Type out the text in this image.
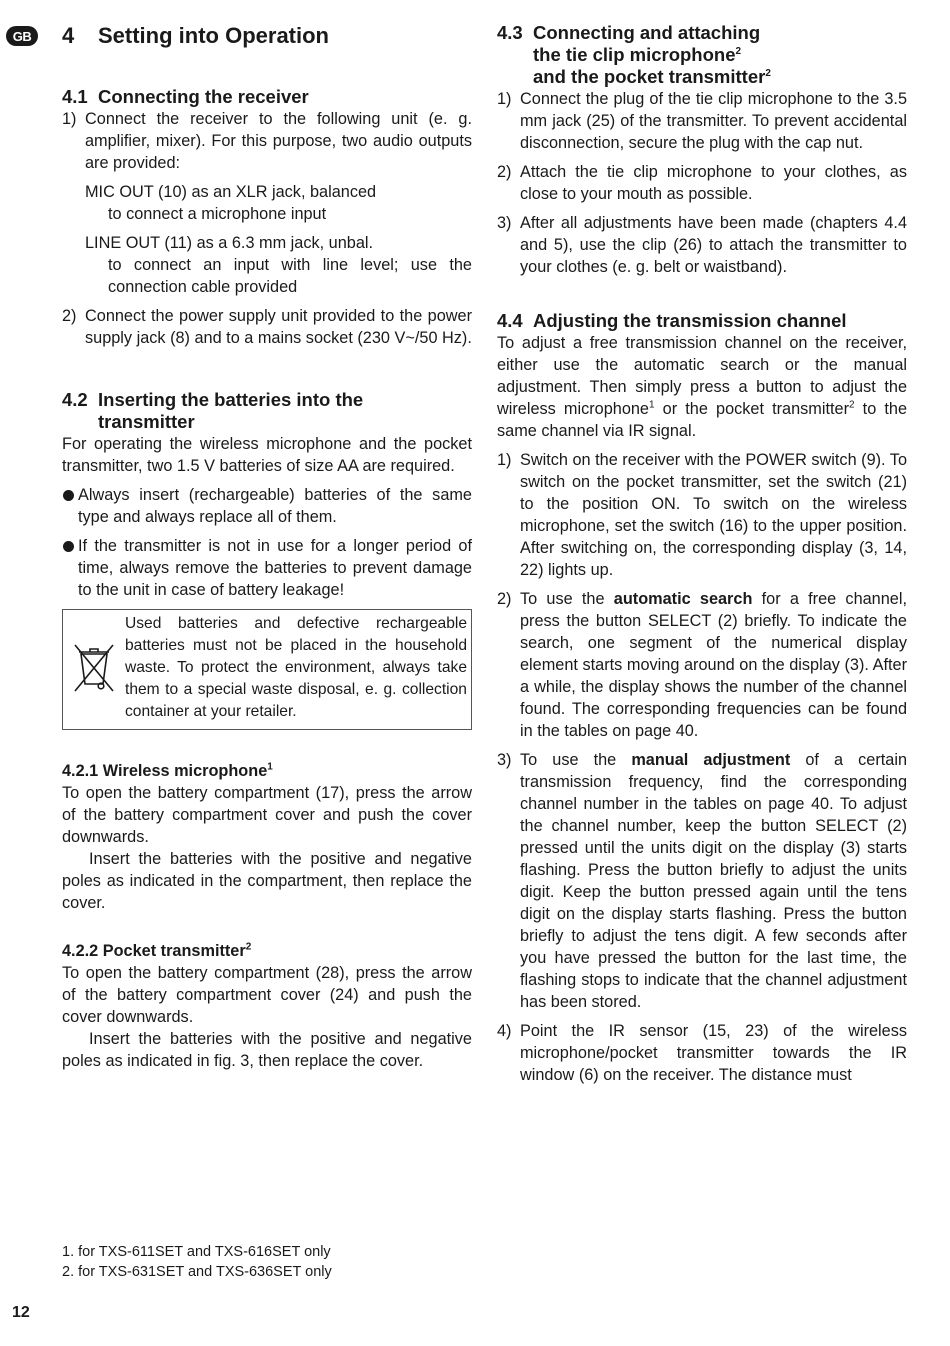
GB	4	Setting into Operation
4.1 Connecting the receiver
1) Connect the receiver to the following unit (e. g. amplifier, mixer). For this purpose, two audio outputs are provided:
MIC OUT (10) as an XLR jack, balanced
to connect a microphone input
LINE OUT (11) as a 6.3 mm jack, unbal.
to connect an input with line level; use the connection cable provided
2) Connect the power supply unit provided to the power supply jack (8) and to a mains socket (230 V~/50 Hz).
4.2 Inserting the batteries into the
transmitter

For operating the wireless microphone and the pocket transmitter, two 1.5 V batteries of size AA are required.

Always insert (rechargeable) batteries of the same type and always replace all of them.
If the transmitter is not in use for a longer period of time, always remove the batteries to prevent damage to the unit in case of battery leakage!
Used batteries and defective rechargeable batteries must not be placed in the household waste. To protect the environment, always take them to a special waste disposal, e. g. collection container at your retailer.
4.2.1 Wireless microphone$^1$

To open the battery compartment (17), press the arrow of the battery compartment cover and push the cover downwards.

Insert the batteries with the positive and negative poles as indicated in the compartment, then replace the cover.

4.2.2 Pocket transmitter$^2$

To open the battery compartment (28), press the arrow of the battery compartment cover (24) and push the cover downwards.

Insert the batteries with the positive and negative poles as indicated in fig. 3, then replace the cover.

4.3 Connecting and attaching
the tie clip microphone$^2$
and the pocket transmitter$^2$
1) Connect the plug of the tie clip microphone to the 3.5 mm jack (25) of the transmitter. To prevent accidental disconnection, secure the plug with the cap nut.
2) Attach the tie clip microphone to your clothes, as close to your mouth as possible.
3) After all adjustments have been made (chapters 4.4 and 5), use the clip (26) to attach the transmitter to your clothes (e. g. belt or waistband).
4.4 Adjusting the transmission channel

To adjust a free transmission channel on the receiver, either use the automatic search or the manual adjustment. Then simply press a button to adjust the wireless microphone$^1$ or the pocket transmitter$^2$ to the same channel via IR signal.

1) Switch on the receiver with the POWER switch (9). To switch on the pocket transmitter, set the switch (21) to the position ON. To switch on the wireless microphone, set the switch (16) to the upper position. After switching on, the corresponding display (3, 14, 22) lights up.
2) To use the automatic search for a free channel, press the button SELECT (2) briefly. To indicate the search, one segment of the numerical display element starts moving around on the display (3). After a while, the display shows the number of the channel found. The corresponding frequencies can be found in the tables on page 40.
3) To use the manual adjustment of a certain transmission frequency, find the corresponding channel number in the tables on page 40. To adjust the channel number, keep the button SELECT (2) pressed until the units digit on the display (3) starts flashing. Press the button briefly to adjust the units digit. Keep the button pressed again until the tens digit on the display starts flashing. Press the button briefly to adjust the tens digit. A few seconds after you have pressed the button for the last time, the flashing stops to indicate that the channel adjustment has been stored.
4) Point the IR sensor (15, 23) of the wireless microphone/pocket transmitter towards the IR window (6) on the receiver. The distance must
1. for TXS-611SET and TXS-616SET only
2. for TXS-631SET and TXS-636SET only
12
